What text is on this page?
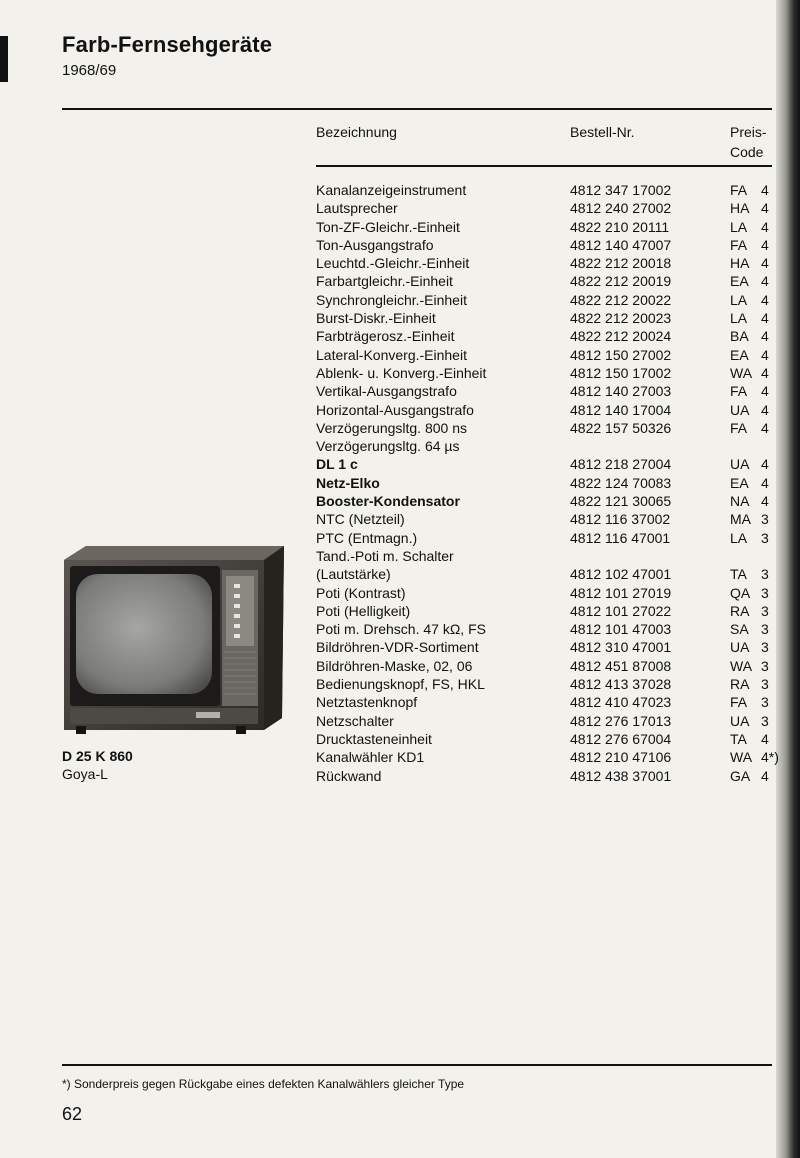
Farb-Fernsehgeräte
1968/69
Bezeichnung	Bestell-Nr.	Preis-
Code
Kanalanzeigeinstrument	4812 347 17002	FA 4
Lautsprecher	4812 240 27002	HA 4
Ton-ZF-Gleichr.-Einheit	4822 210 20111	LA 4
Ton-Ausgangstrafo	4812 140 47007	FA 4
Leuchtd.-Gleichr.-Einheit	4822 212 20018	HA 4
Farbartgleichr.-Einheit	4822 212 20019	EA 4
Synchrongleichr.-Einheit	4822 212 20022	LA 4
Burst-Diskr.-Einheit	4822 212 20023	LA 4
Farbträgerosz.-Einheit	4822 212 20024	BA 4
Lateral-Konverg.-Einheit	4812 150 27002	EA 4
Ablenk- u. Konverg.-Einheit	4812 150 17002	WA 4
Vertikal-Ausgangstrafo	4812 140 27003	FA 4
Horizontal-Ausgangstrafo	4812 140 17004	UA 4
Verzögerungsltg. 800 ns	4822 157 50326	FA 4
Verzögerungsltg. 64 µs
DL 1 c	4812 218 27004	UA 4
Netz-Elko	4822 124 70083	EA 4
Booster-Kondensator	4822 121 30065	NA 4
NTC (Netzteil)	4812 116 37002	MA 3
PTC (Entmagn.)	4812 116 47001	LA 3
Tand.-Poti m. Schalter
(Lautstärke)	4812 102 47001	TA 3
Poti (Kontrast)	4812 101 27019	QA 3
Poti (Helligkeit)	4812 101 27022	RA 3
Poti m. Drehsch. 47 kΩ, FS	4812 101 47003	SA 3
Bildröhren-VDR-Sortiment	4812 310 47001	UA 3
Bildröhren-Maske, 02, 06	4812 451 87008	WA 3
Bedienungsknopf, FS, HKL	4812 413 37028	RA 3
Netztastenknopf	4812 410 47023	FA 3
Netzschalter	4812 276 17013	UA 3
Drucktasteneinheit	4812 276 67004	TA 4
Kanalwähler KD1	4812 210 47106	WA 4*)
Rückwand	4812 438 37001	GA 4
D 25 K 860
Goya-L
*) Sonderpreis gegen Rückgabe eines defekten Kanalwählers gleicher Type
62
